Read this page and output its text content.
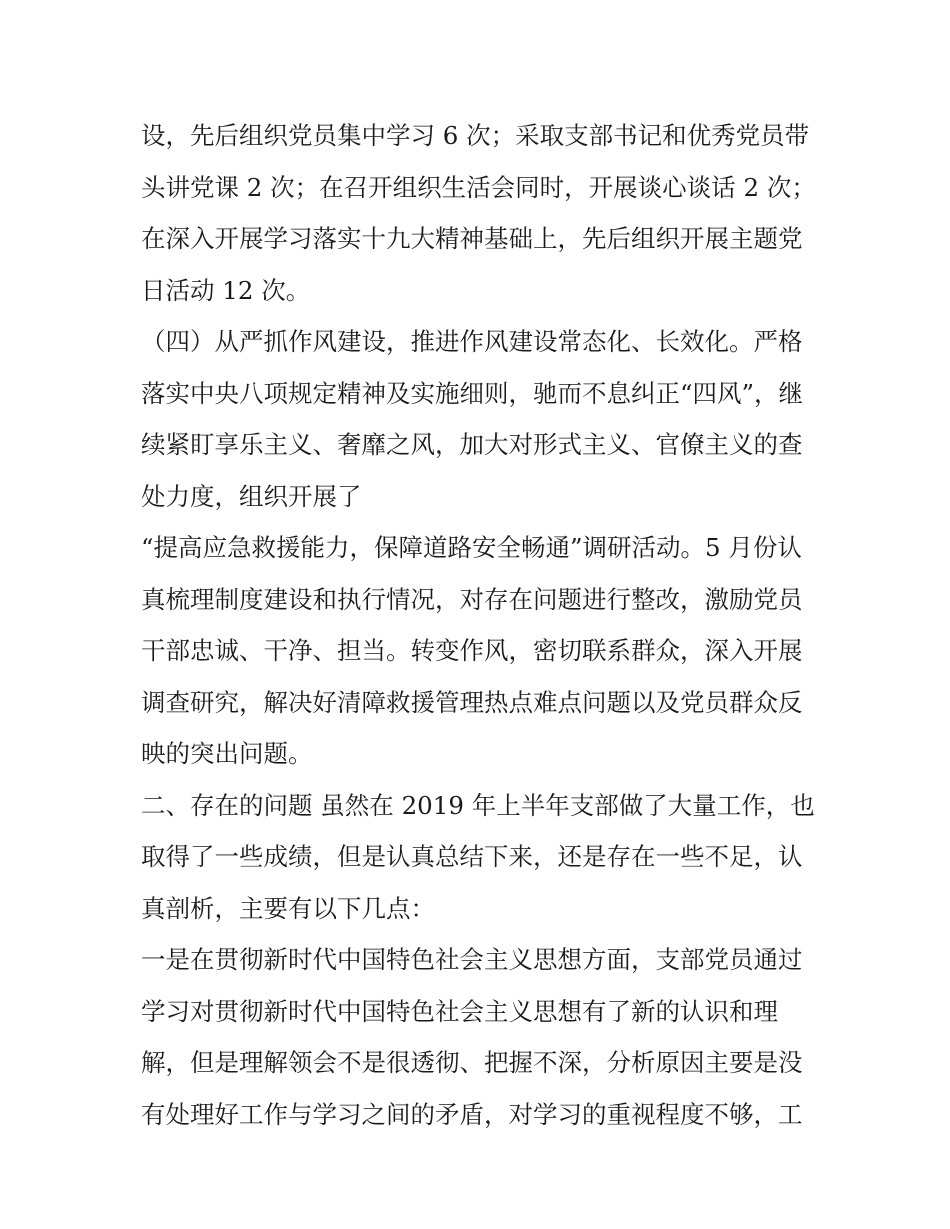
设，先后组织党员集中学习 6 次；采取支部书记和优秀党员带
头讲党课 2 次；在召开组织生活会同时，开展谈心谈话 2 次；
在深入开展学习落实十九大精神基础上，先后组织开展主题党
日活动 12 次。
（四）从严抓作风建设，推进作风建设常态化、长效化。严格
落实中央八项规定精神及实施细则，驰而不息纠正“四风”，继
续紧盯享乐主义、奢靡之风，加大对形式主义、官僚主义的查
处力度，组织开展了
“提高应急救援能力，保障道路安全畅通”调研活动。5 月份认
真梳理制度建设和执行情况，对存在问题进行整改，激励党员
干部忠诚、干净、担当。转变作风，密切联系群众，深入开展
调查研究，解决好清障救援管理热点难点问题以及党员群众反
映的突出问题。
二、存在的问题 虽然在 2019 年上半年支部做了大量工作，也
取得了一些成绩，但是认真总结下来，还是存在一些不足，认
真剖析，主要有以下几点：
一是在贯彻新时代中国特色社会主义思想方面，支部党员通过
学习对贯彻新时代中国特色社会主义思想有了新的认识和理
解，但是理解领会不是很透彻、把握不深，分析原因主要是没
有处理好工作与学习之间的矛盾，对学习的重视程度不够，工
